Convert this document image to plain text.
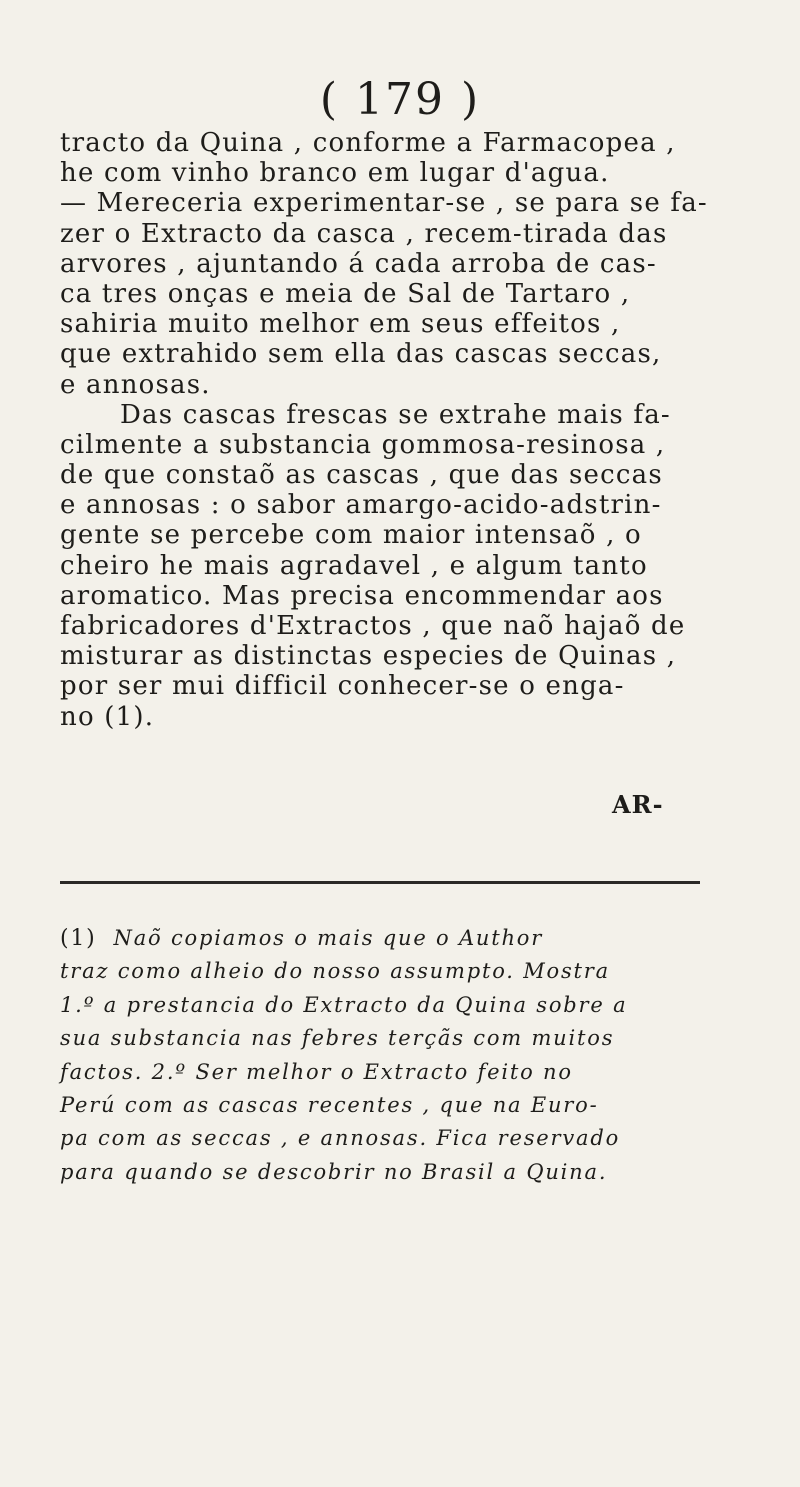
( 179 )
tracto da Quina , conforme a Farmacopea ,
he com vinho branco em lugar d'agua.
— Mereceria experimentar-se , se para se fa-
zer o Extracto da casca , recem-tirada das
arvores , ajuntando á cada arroba de cas-
ca tres onças e meia de Sal de Tartaro ,
sahiria muito melhor em seus effeitos ,
que extrahido sem ella das cascas seccas,
e annosas.
Das cascas frescas se extrahe mais fa-
cilmente a substancia gommosa-resinosa ,
de que constaõ as cascas , que das seccas
e annosas : o sabor amargo-acido-adstrin-
gente se percebe com maior intensaõ , o
cheiro he mais agradavel , e algum tanto
aromatico. Mas precisa encommendar aos
fabricadores d'Extractos , que naõ hajaõ de
misturar as distinctas especies de Quinas ,
por ser mui difficil conhecer-se o enga-
no (1).
AR-
(1) Naõ copiamos o mais que o Author
traz como alheio do nosso assumpto. Mostra
1.º a prestancia do Extracto da Quina sobre a
sua substancia nas febres terçãs com muitos
factos. 2.º Ser melhor o Extracto feito no
Perú com as cascas recentes , que na Euro-
pa com as seccas , e annosas. Fica reservado
para quando se descobrir no Brasil a Quina.
